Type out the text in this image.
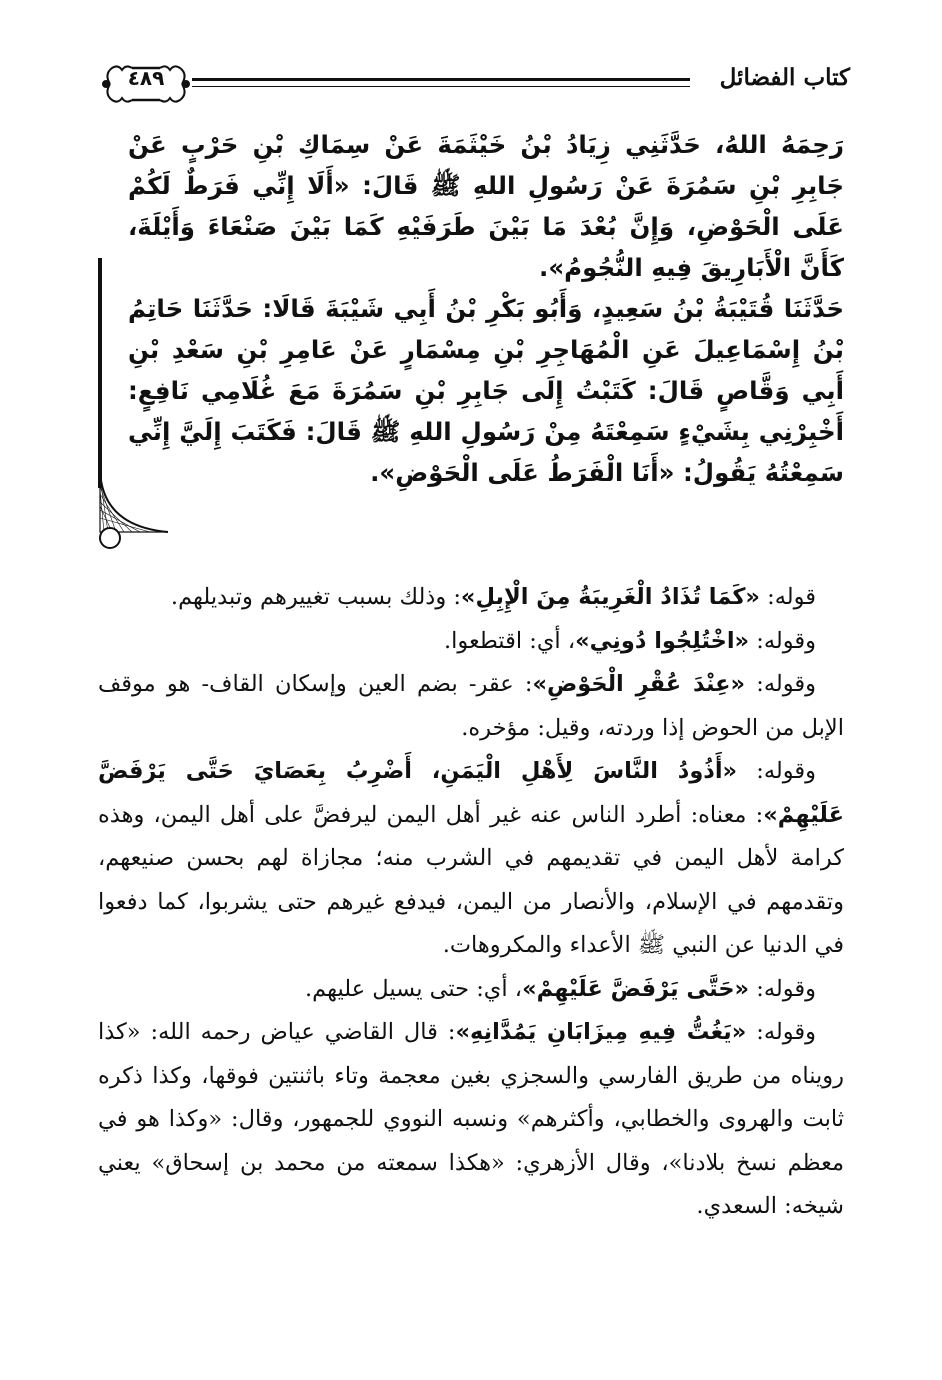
كتاب الفضائل
٤٨٩

رَحِمَهُ اللهُ، حَدَّثَنِي زِيَادُ بْنُ خَيْثَمَةَ عَنْ سِمَاكِ بْنِ حَرْبٍ عَنْ جَابِرِ بْنِ سَمُرَةَ عَنْ رَسُولِ اللهِ ﷺ قَالَ: «أَلَا إِنِّي فَرَطٌ لَكُمْ عَلَى الْحَوْضِ، وَإِنَّ بُعْدَ مَا بَيْنَ طَرَفَيْهِ كَمَا بَيْنَ صَنْعَاءَ وَأَيْلَةَ، كَأَنَّ الْأَبَارِيقَ فِيهِ النُّجُومُ».

حَدَّثَنَا قُتَيْبَةُ بْنُ سَعِيدٍ، وَأَبُو بَكْرِ بْنُ أَبِي شَيْبَةَ قَالَا: حَدَّثَنَا حَاتِمُ بْنُ إِسْمَاعِيلَ عَنِ الْمُهَاجِرِ بْنِ مِسْمَارٍ عَنْ عَامِرِ بْنِ سَعْدِ بْنِ أَبِي وَقَّاصٍ قَالَ: كَتَبْتُ إِلَى جَابِرِ بْنِ سَمُرَةَ مَعَ غُلَامِي نَافِعٍ: أَخْبِرْنِي بِشَيْءٍ سَمِعْتَهُ مِنْ رَسُولِ اللهِ ﷺ قَالَ: فَكَتَبَ إِلَيَّ إِنِّي سَمِعْتُهُ يَقُولُ: «أَنَا الْفَرَطُ عَلَى الْحَوْضِ».

قوله: «كَمَا تُذَادُ الْغَرِيبَةُ مِنَ الْإِبِلِ»: وذلك بسبب تغييرهم وتبديلهم.

وقوله: «اخْتُلِجُوا دُونِي»، أي: اقتطعوا.

وقوله: «عِنْدَ عُقْرِ الْحَوْضِ»: عقر- بضم العين وإسكان القاف- هو موقف الإبل من الحوض إذا وردته، وقيل: مؤخره.

وقوله: «أَذُودُ النَّاسَ لِأَهْلِ الْيَمَنِ، أَضْرِبُ بِعَصَايَ حَتَّى يَرْفَضَّ عَلَيْهِمْ»: معناه: أطرد الناس عنه غير أهل اليمن ليرفضَّ على أهل اليمن، وهذه كرامة لأهل اليمن في تقديمهم في الشرب منه؛ مجازاة لهم بحسن صنيعهم، وتقدمهم في الإسلام، والأنصار من اليمن، فيدفع غيرهم حتى يشربوا، كما دفعوا في الدنيا عن النبي ﷺ الأعداء والمكروهات.

وقوله: «حَتَّى يَرْفَضَّ عَلَيْهِمْ»، أي: حتى يسيل عليهم.

وقوله: «يَغُتُّ فِيهِ مِيزَابَانِ يَمُدَّانِهِ»: قال القاضي عياض رحمه الله: «كذا رويناه من طريق الفارسي والسجزي بغين معجمة وتاء باثنتين فوقها، وكذا ذكره ثابت والهروى والخطابي، وأكثرهم» ونسبه النووي للجمهور، وقال: «وكذا هو في معظم نسخ بلادنا»، وقال الأزهري: «هكذا سمعته من محمد بن إسحاق» يعني شيخه: السعدي.
